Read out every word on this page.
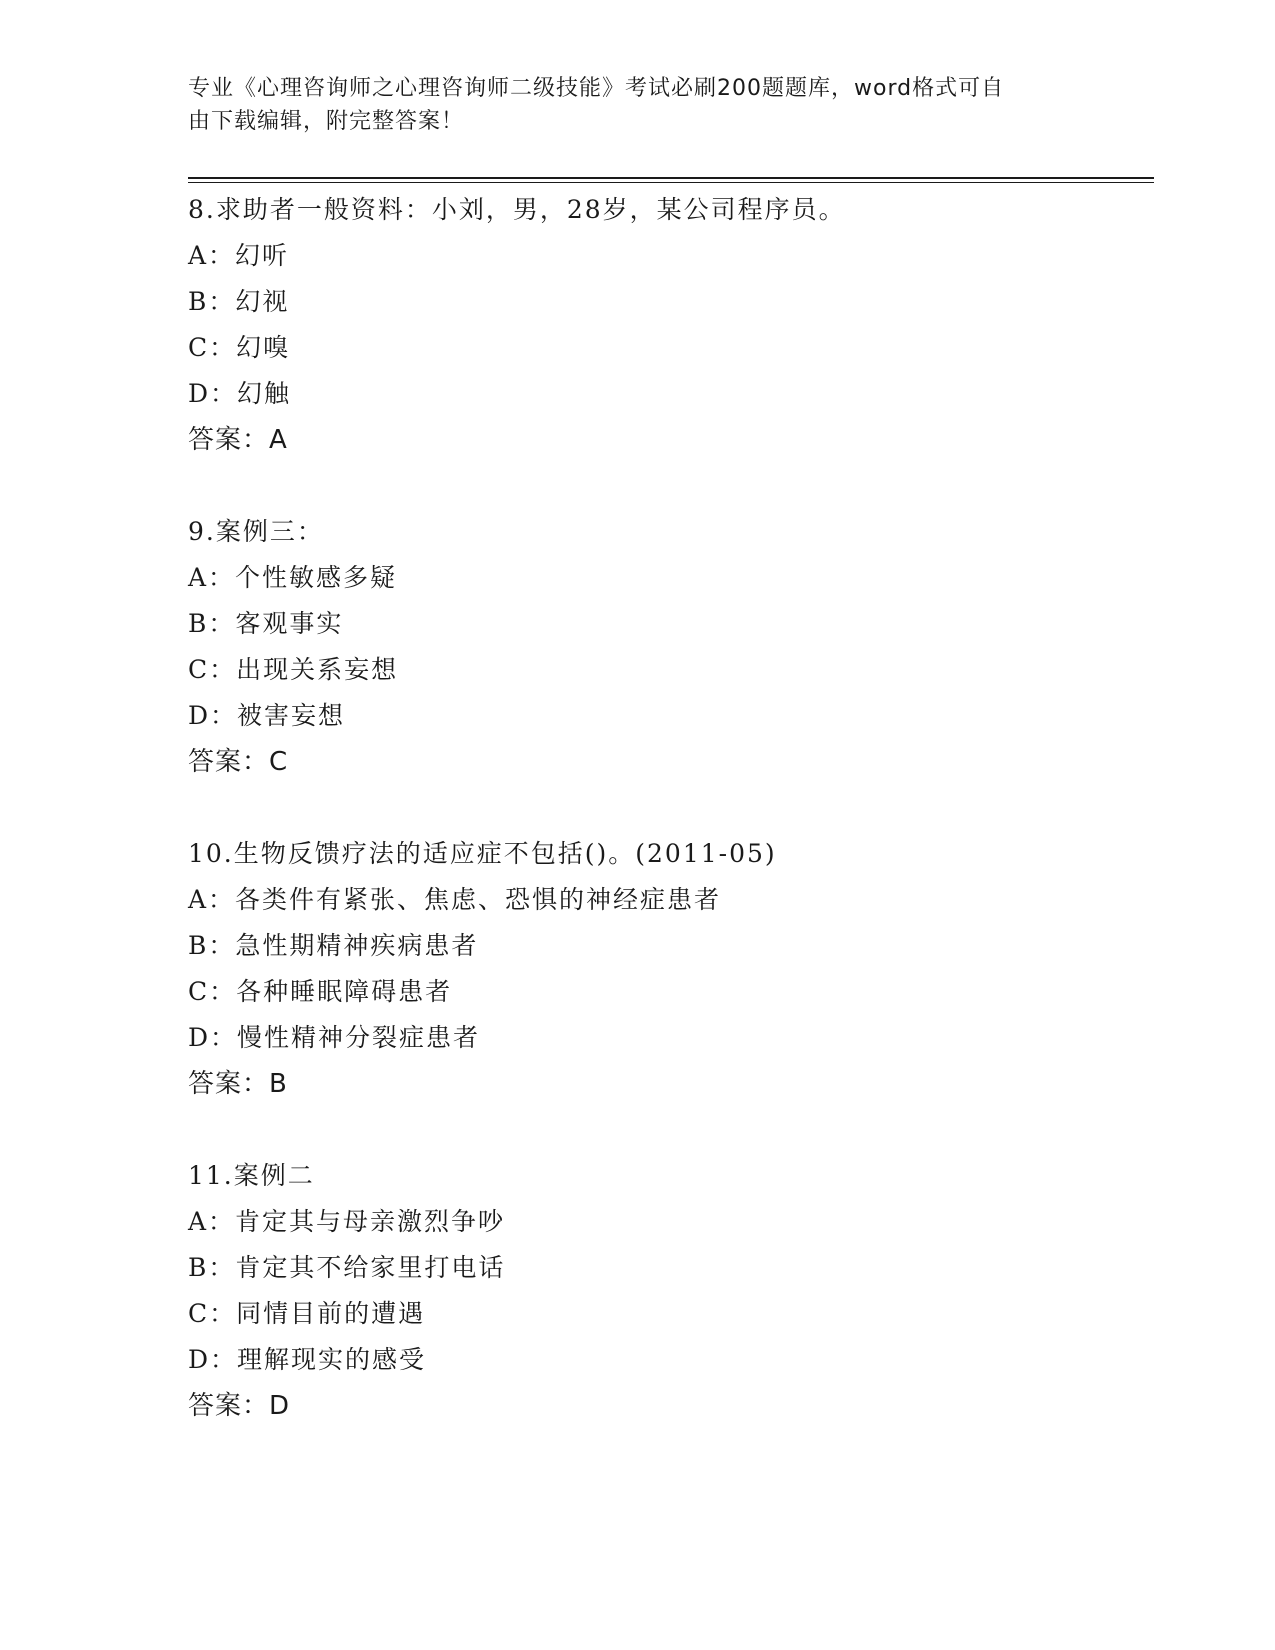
专业《心理咨询师之心理咨询师二级技能》考试必刷200题题库，word格式可自
由下载编辑，附完整答案！
8.求助者一般资料：小刘，男，28岁，某公司程序员。
A：幻听
B：幻视
C：幻嗅
D：幻触
答案：A
9.案例三：
A：个性敏感多疑
B：客观事实
C：出现关系妄想
D：被害妄想
答案：C
10.生物反馈疗法的适应症不包括()。(2011-05)
A：各类件有紧张、焦虑、恐惧的神经症患者
B：急性期精神疾病患者
C：各种睡眠障碍患者
D：慢性精神分裂症患者
答案：B
11.案例二
A：肯定其与母亲激烈争吵
B：肯定其不给家里打电话
C：同情目前的遭遇
D：理解现实的感受
答案：D
